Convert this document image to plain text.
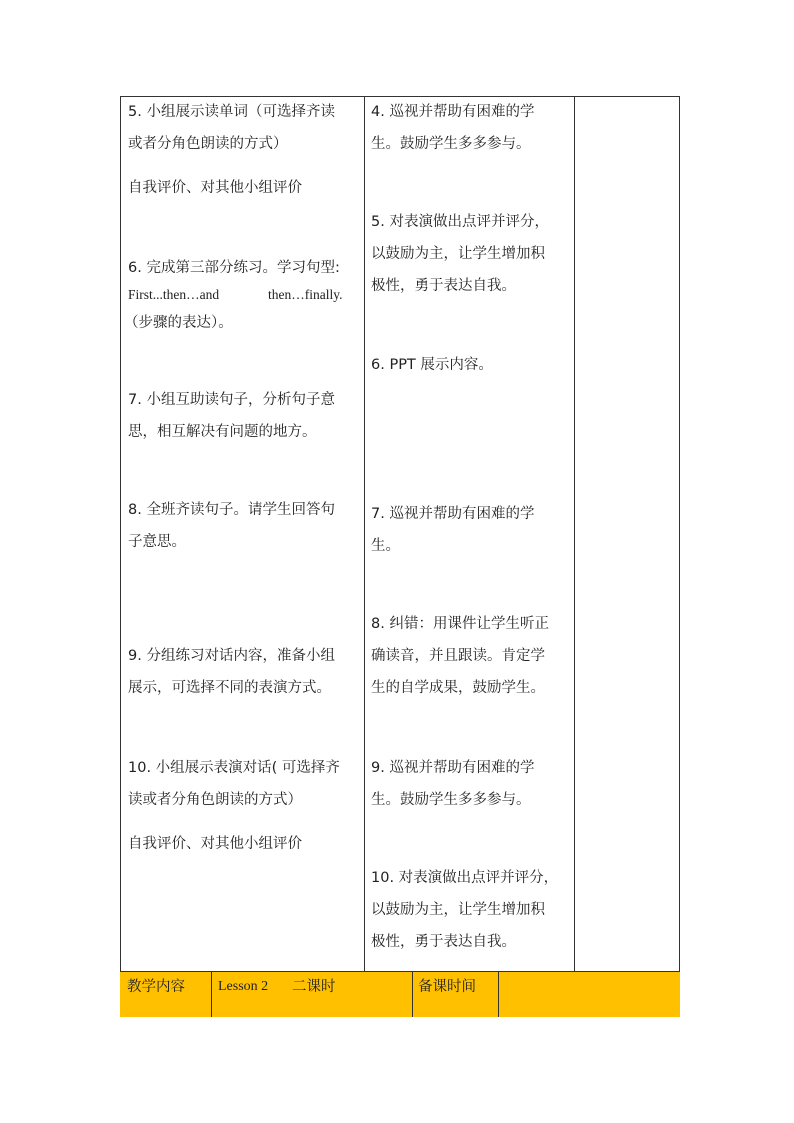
5. 小组展示读单词（可选择齐读
或者分角色朗读的方式）
自我评价、对其他小组评价
6. 完成第三部分练习。学习句型:
First...then…and	then…finally.
（步骤的表达）。
7. 小组互助读句子，分析句子意
思，相互解决有问题的地方。
8. 全班齐读句子。请学生回答句
子意思。
9. 分组练习对话内容，准备小组
展示，可选择不同的表演方式。
10. 小组展示表演对话( 可选择齐
读或者分角色朗读的方式）
自我评价、对其他小组评价
4. 巡视并帮助有困难的学
生。鼓励学生多多参与。
5. 对表演做出点评并评分，
以鼓励为主，让学生增加积
极性，勇于表达自我。
6. PPT 展示内容。
7. 巡视并帮助有困难的学
生。
8. 纠错：用课件让学生听正
确读音，并且跟读。肯定学
生的自学成果，鼓励学生。
9. 巡视并帮助有困难的学
生。鼓励学生多多参与。
10. 对表演做出点评并评分，
以鼓励为主，让学生增加积
极性，勇于表达自我。
教学内容 Lesson 2 二课时	备课时间
